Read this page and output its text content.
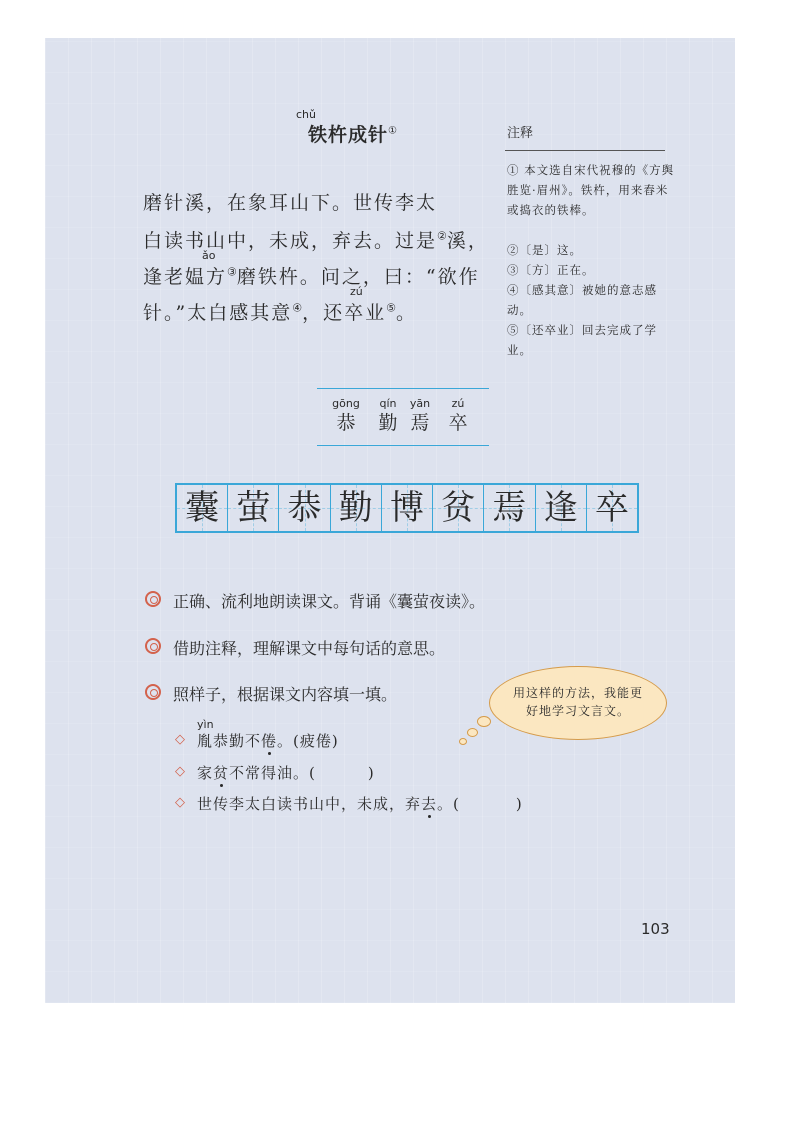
chǔ
铁杵成针①
磨针溪，在象耳山下。世传李太
白读书山中，未成，弃去。过是②溪，
ǎo
逢老媪方③磨铁杵。问之，曰：“欲作
zú
针。”太白感其意④，还卒业⑤。
注释
① 本文选自宋代祝穆的《方舆胜览·眉州》。铁杵，用来舂米或捣衣的铁棒。
②〔是〕这。
③〔方〕正在。
④〔感其意〕被她的意志感动。
⑤〔还卒业〕回去完成了学业。
gōng
恭
qín
勤
yān
焉
zú
卒
囊 萤 恭 勤 博 贫 焉 逢 卒
正确、流利地朗读课文。背诵《囊萤夜读》。
借助注释，理解课文中每句话的意思。
照样子，根据课文内容填一填。	用这样的方法，我能更好地学习文言文。
yìn
◇ 胤恭勤不倦。(疲倦)
◇ 家贫不常得油。(	)
◇ 世传李太白读书山中，未成，弃去。(	)
103
